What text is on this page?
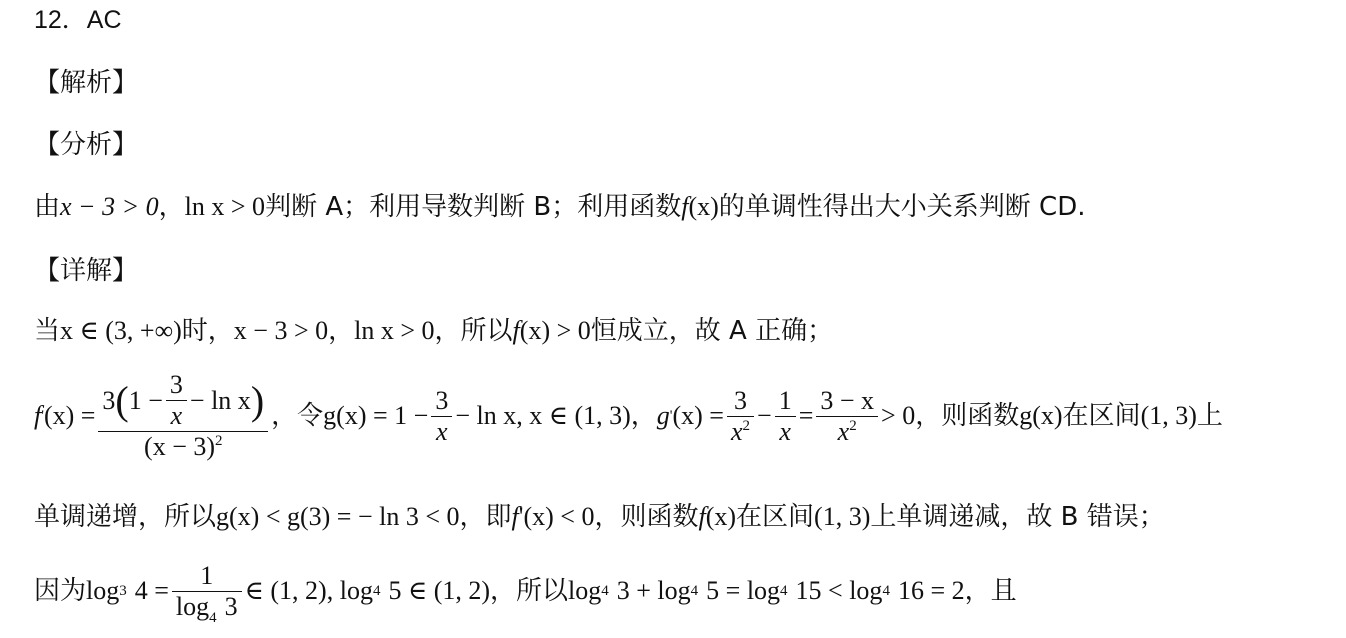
12．AC
【解析】
【分析】
由 x − 3 > 0 ， ln x > 0 判断 A；利用导数判断 B；利用函数 f (x) 的单调性得出大小关系判断 CD.
【详解】
当 x ∈ (3, +∞) 时， x − 3 > 0 ， ln x > 0 ，所以 f (x) > 0 恒成立，故 A 正确；
f ' (x) =
3 ( $1 - \frac{3}{x} - \ln x$ )
$(x - 3)^2$
，令 $g(x) = 1 - \frac{3}{x} - \ln x$, x ∈ (1, 3) ， g ' $(x) = \frac{3}{x^2} - \frac{1}{x} = \frac{3 - x}{x^2} > 0$ ，则函数 g(x) 在区间 (1, 3) 上
单调递增，所以 g(x) < g(3) = − ln 3 < 0 ，即 f '(x) < 0 ，则函数 f (x) 在区间 (1, 3) 上单调递减，故 B 错误；
因为 log 3 $4 = \frac{1}{\log_4 3}$ ∈ (1, 2), log 4 5 ∈ (1, 2) ，所以 log 4 3 + log 4 5 = log 4 15 < log 4 16 = 2 ，且
